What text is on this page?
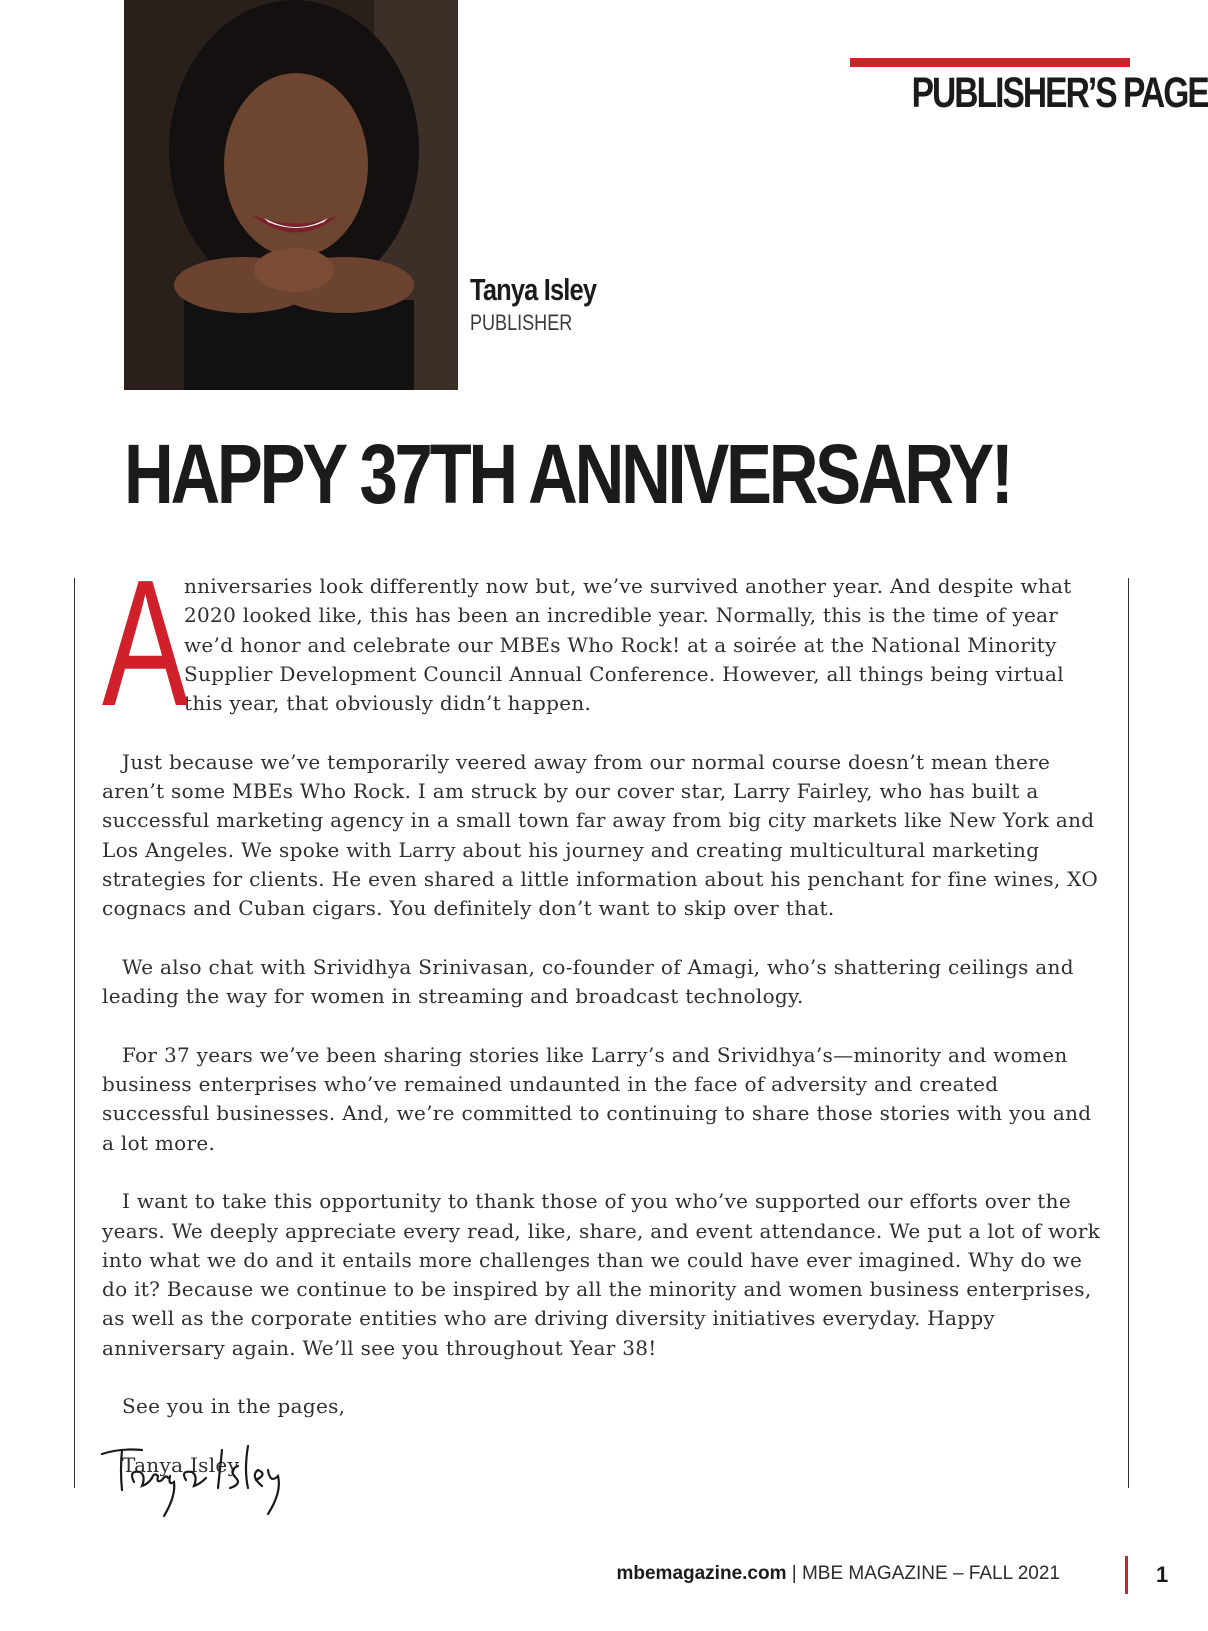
PUBLISHER’S PAGE
Tanya Isley
PUBLISHER
HAPPY 37TH ANNIVERSARY!

A
nniversaries look differently now but, we’ve survived another year. And despite what 2020 looked like, this has been an incredible year. Normally, this is the time of year we’d honor and celebrate our MBEs Who Rock! at a soirée at the National Minority Supplier Development Council Annual Conference. However, all things being virtual this year, that obviously didn’t happen.

Just because we’ve temporarily veered away from our normal course doesn’t mean there aren’t some MBEs Who Rock. I am struck by our cover star, Larry Fairley, who has built a successful marketing agency in a small town far away from big city markets like New York and Los Angeles. We spoke with Larry about his journey and creating multicultural marketing strategies for clients. He even shared a little information about his penchant for fine wines, XO cognacs and Cuban cigars. You definitely don’t want to skip over that.

We also chat with Srividhya Srinivasan, co-founder of Amagi, who’s shattering ceilings and leading the way for women in streaming and broadcast technology.

For 37 years we’ve been sharing stories like Larry’s and Srividhya’s—minority and women business enterprises who’ve remained undaunted in the face of adversity and created successful businesses. And, we’re committed to continuing to share those stories with you and a lot more.

I want to take this opportunity to thank those of you who’ve supported our efforts over the years. We deeply appreciate every read, like, share, and event attendance. We put a lot of work into what we do and it entails more challenges than we could have ever imagined. Why do we do it? Because we continue to be inspired by all the minority and women business enterprises, as well as the corporate entities who are driving diversity initiatives everyday. Happy anniversary again. We’ll see you throughout Year 38!

See you in the pages,

Tanya Isley

mbemagazine.com | MBE MAGAZINE – FALL 2021	1
